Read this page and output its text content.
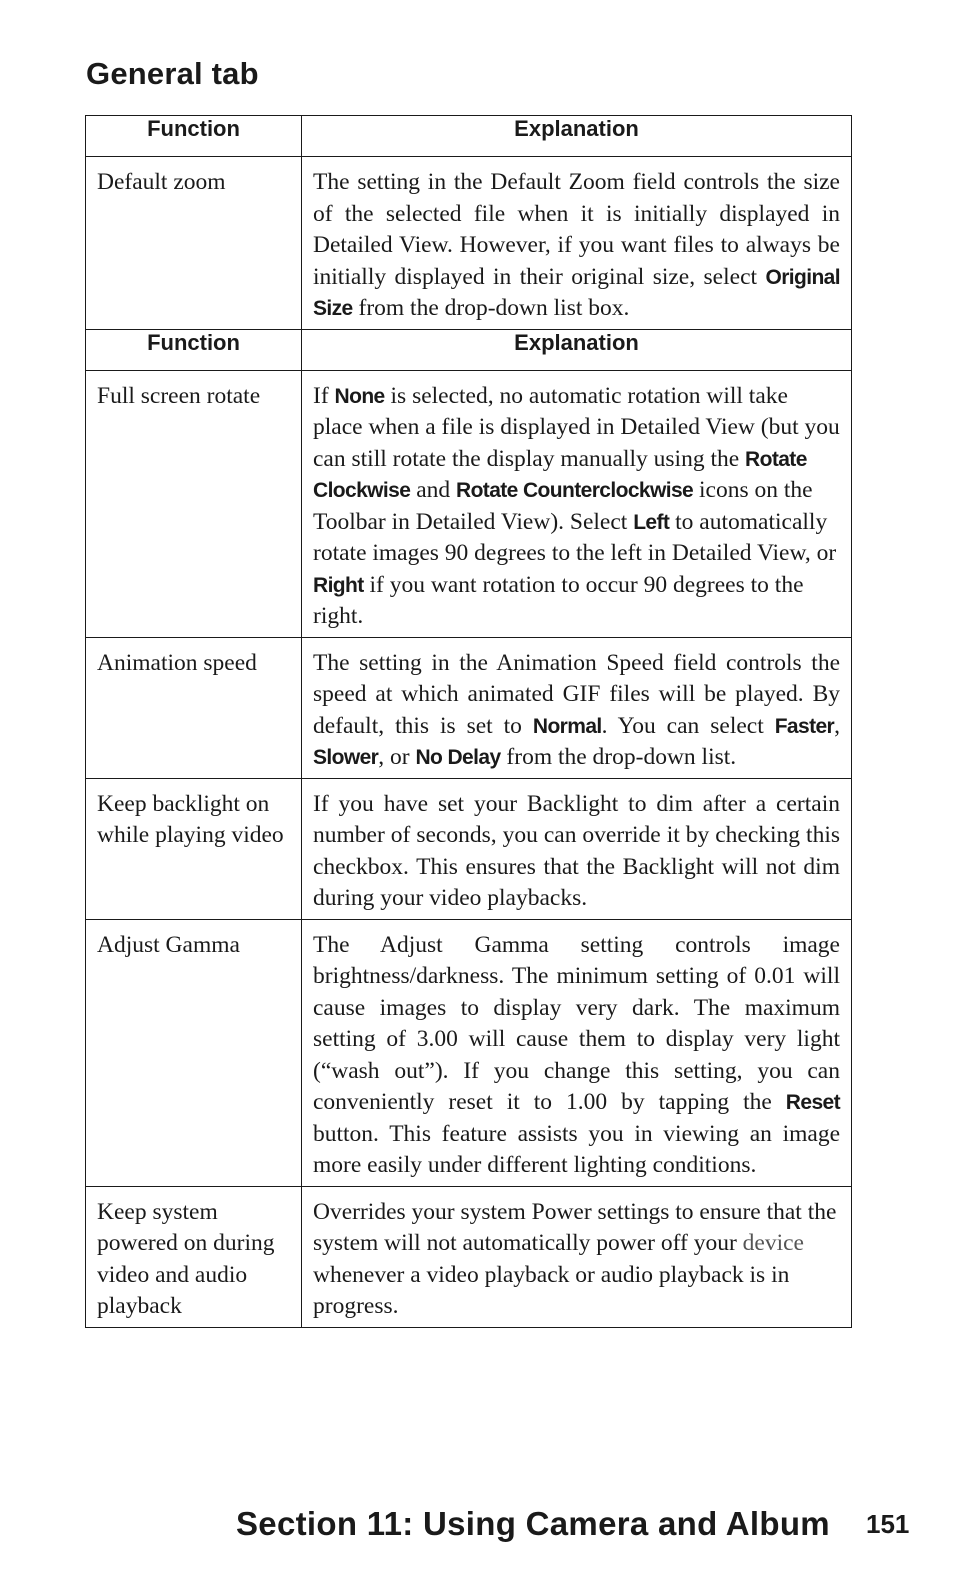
General tab
Function	Explanation
Default zoom	The setting in the Default Zoom field controls the size of the selected file when it is initially displayed in Detailed View. However, if you want files to always be initially displayed in their original size, select Original Size from the drop-down list box.
Function	Explanation
Full screen rotate	If None is selected, no automatic rotation will take place when a file is displayed in Detailed View (but you can still rotate the display manually using the Rotate Clockwise and Rotate Counterclockwise icons on the Toolbar in Detailed View). Select Left to automatically rotate images 90 degrees to the left in Detailed View, or Right if you want rotation to occur 90 degrees to the right.
Animation speed	The setting in the Animation Speed field controls the speed at which animated GIF files will be played. By default, this is set to Normal. You can select Faster, Slower, or No Delay from the drop-down list.
Keep backlight on while playing video	If you have set your Backlight to dim after a certain number of seconds, you can override it by checking this checkbox. This ensures that the Backlight will not dim during your video playbacks.
Adjust Gamma	The Adjust Gamma setting controls image brightness/darkness. The minimum setting of 0.01 will cause images to display very dark. The maximum setting of 3.00 will cause them to display very light (“wash out”). If you change this setting, you can conveniently reset it to 1.00 by tapping the Reset button. This feature assists you in viewing an image more easily under different lighting conditions.
Keep system powered on during video and audio playback	Overrides your system Power settings to ensure that the system will not automatically power off your device whenever a video playback or audio playback is in progress.
Section 11: Using Camera and Album 151
